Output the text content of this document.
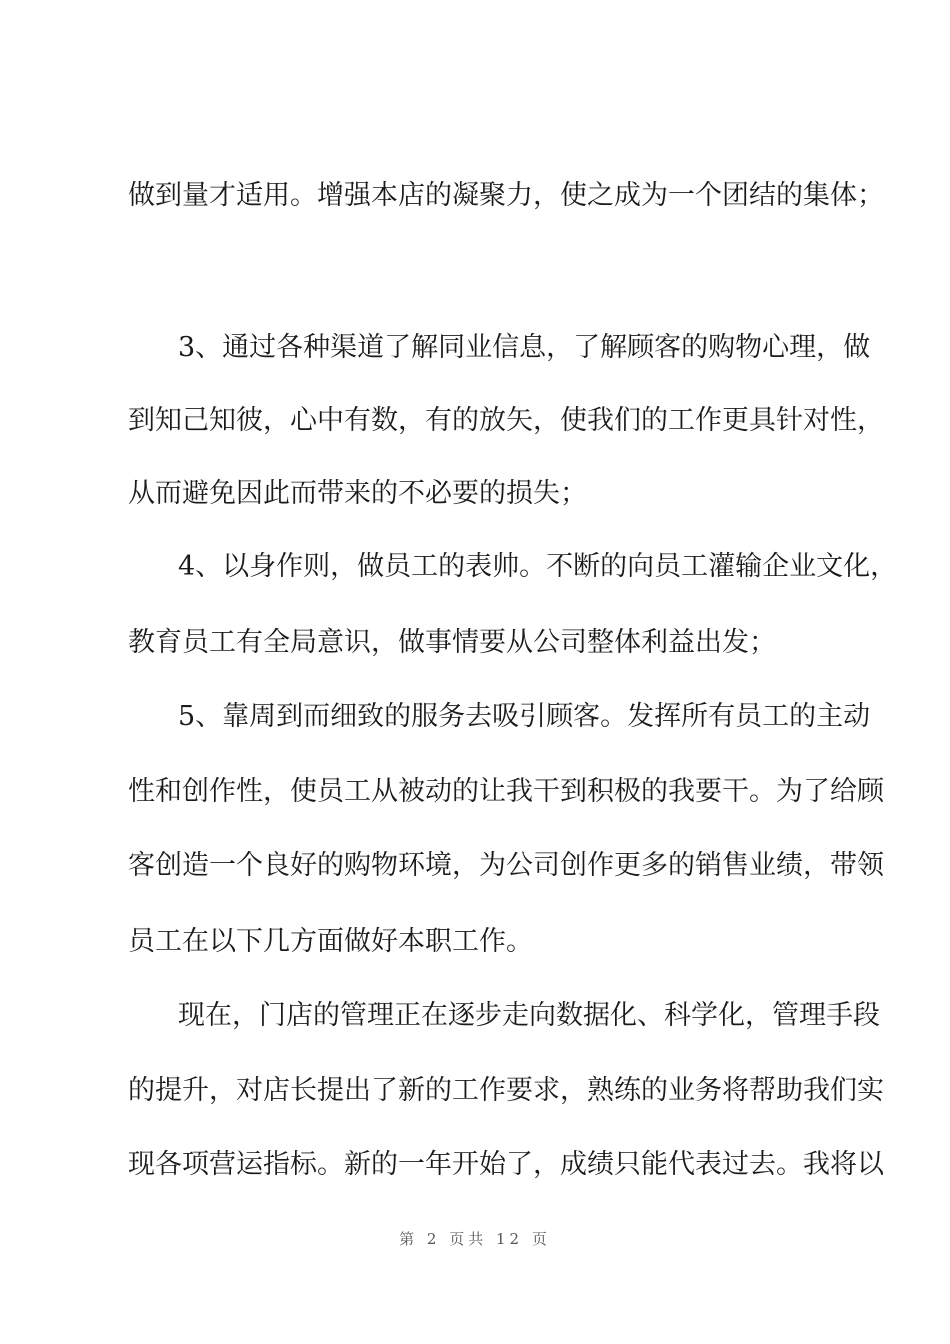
做到量才适用。增强本店的凝聚力，使之成为一个团结的集体；
3、通过各种渠道了解同业信息，了解顾客的购物心理，做
到知己知彼，心中有数，有的放矢，使我们的工作更具针对性，
从而避免因此而带来的不必要的损失；
4、以身作则，做员工的表帅。不断的向员工灌输企业文化，
教育员工有全局意识，做事情要从公司整体利益出发；
5、靠周到而细致的服务去吸引顾客。发挥所有员工的主动
性和创作性，使员工从被动的让我干到积极的我要干。为了给顾
客创造一个良好的购物环境，为公司创作更多的销售业绩，带领
员工在以下几方面做好本职工作。
现在，门店的管理正在逐步走向数据化、科学化，管理手段
的提升，对店长提出了新的工作要求，熟练的业务将帮助我们实
现各项营运指标。新的一年开始了，成绩只能代表过去。我将以
第 2 页共 12 页
